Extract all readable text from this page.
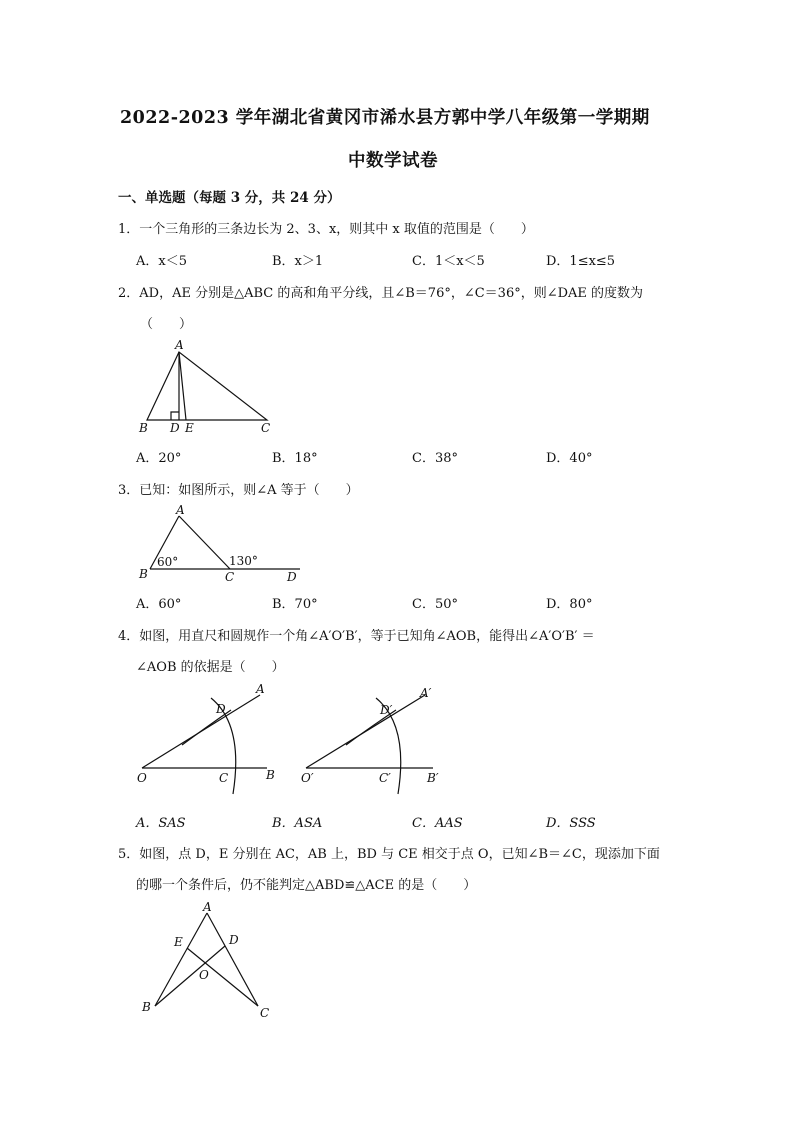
2022-2023 学年湖北省黄冈市浠水县方郭中学八年级第一学期期
中数学试卷
一、单选题（每题 3 分，共 24 分）
1．一个三角形的三条边长为 2、3、x，则其中 x 取值的范围是（　　）
A．x＜5	B．x＞1	C．1＜x＜5	D．1≤x≤5
2．AD，AE 分别是△ABC 的高和角平分线，且∠B＝76°，∠C＝36°，则∠DAE 的度数为
（　　）
A
B D E	C
A．20°	B．18°	C．38°	D．40°
3．已知：如图所示，则∠A 等于（　　）
A
B	C	D
60°	130°
A．60°	B．70°	C．50°	D．80°
4．如图，用直尺和圆规作一个角∠A′O′B′，等于已知角∠AOB，能得出∠A′O′B′ ＝
∠AOB 的依据是（　　）
A
D
O	C	B
A′
D′
O′	C′	B′
A．SAS	B．ASA	C．AAS	D．SSS
5．如图，点 D，E 分别在 AC，AB 上，BD 与 CE 相交于点 O，已知∠B＝∠C，现添加下面
的哪一个条件后，仍不能判定△ABD≌△ACE 的是（　　）
A
E	D
O
B	C
